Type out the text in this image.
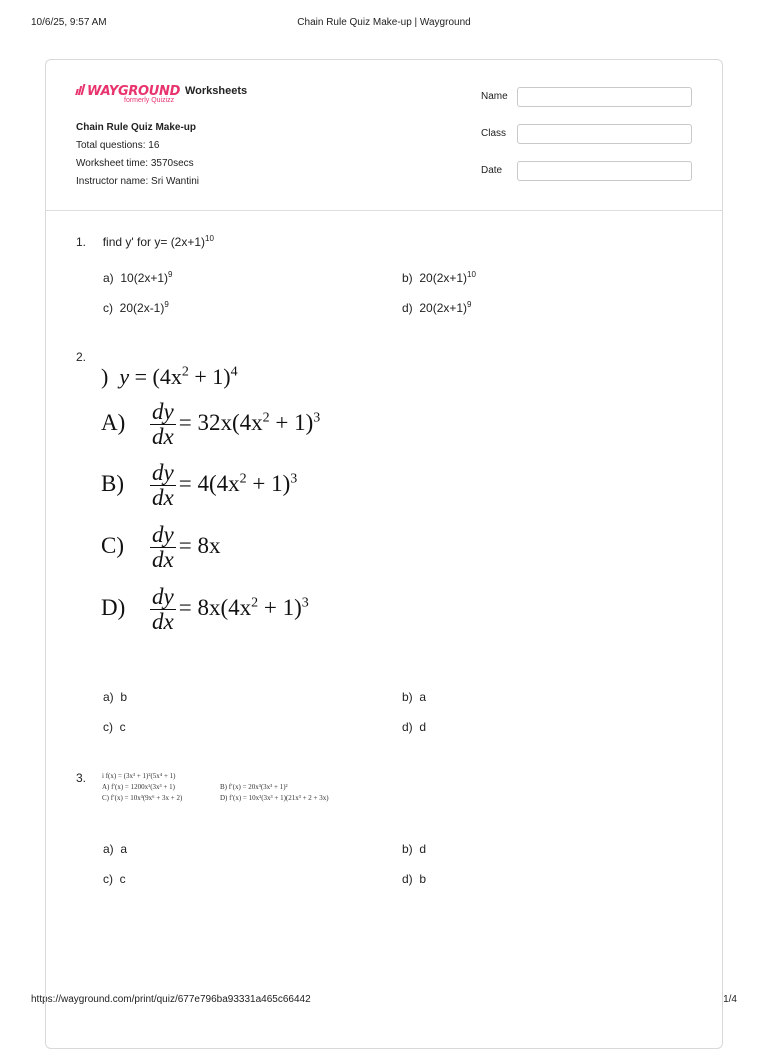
10/6/25, 9:57 AM	Chain Rule Quiz Make-up | Wayground
https://wayground.com/print/quiz/677e796ba93331a465c66442	1/4
WAYGROUND
formerly Quizizz
Worksheets
Chain Rule Quiz Make-up
Total questions: 16
Worksheet time: 3570secs
Instructor name: Sri Wantini
Name
Class
Date
1. find y' for $y= (2x+1)^{10}$
a) $10(2x+1)^9$	b) $20(2x+1)^{10}$
c) $20(2x-1)^9$	d) $20(2x+1)^9$
2.
) $y = (4x^2 + 1)^4$
$A) \frac{dy}{dx} = 32x(4x^2 + 1)^3$
$B) \frac{dy}{dx} = 4(4x^2 + 1)^3$
$C) \frac{dy}{dx} = 8x$
$D) \frac{dy}{dx} = 8x(4x^2 + 1)^3$
a) b	b) a
c) c	d) d
3. i f(x) = (3x³ + 1)²(5x⁴ + 1)
A) f′(x) = 1200x¹(3x³ + 1)	B) f′(x) = 20x³(3x³ + 1)²
C) f′(x) = 10x³(9x⁶ + 3x + 2)	D) f′(x) = 10x³(3x³ + 1)(21x³ + 2 + 3x)
a) a	b) d
c) c	d) b
